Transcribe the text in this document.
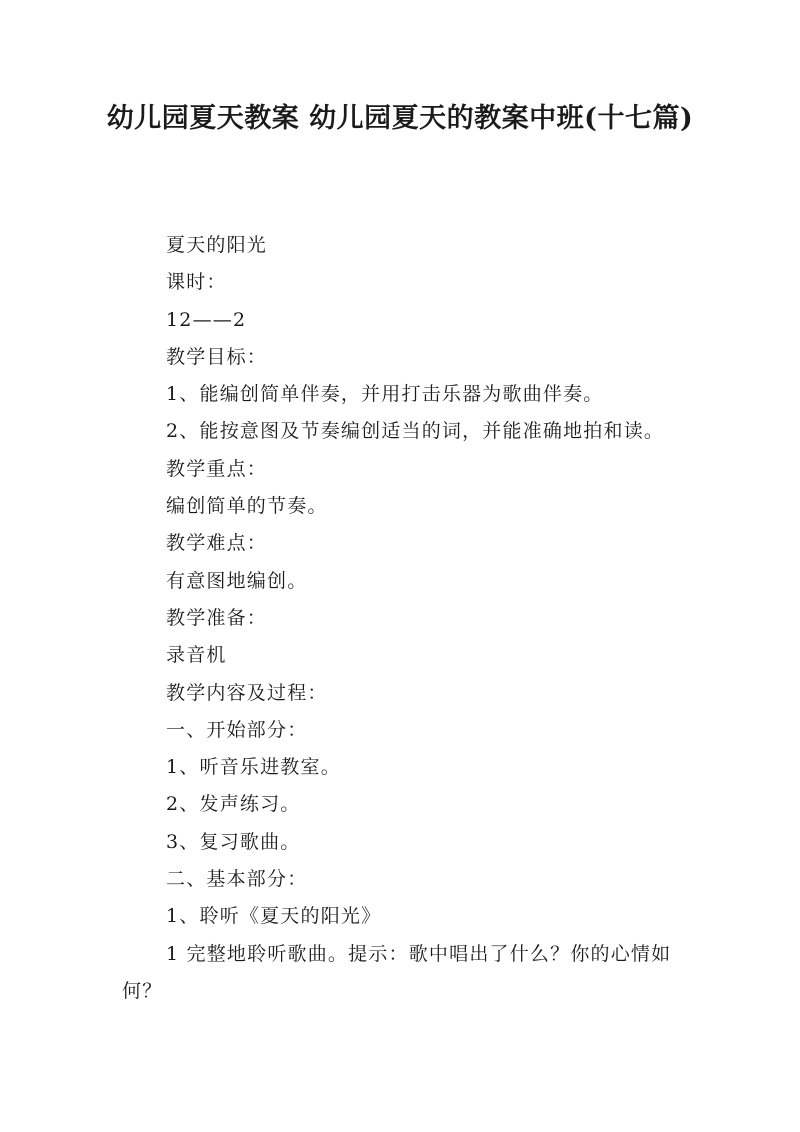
幼儿园夏天教案 幼儿园夏天的教案中班(十七篇)

夏天的阳光

课时：

12——2

教学目标：

1、能编创简单伴奏，并用打击乐器为歌曲伴奏。

2、能按意图及节奏编创适当的词，并能准确地拍和读。

教学重点：

编创简单的节奏。

教学难点：

有意图地编创。

教学准备：

录音机

教学内容及过程：

一、开始部分：

1、听音乐进教室。

2、发声练习。

3、复习歌曲。

二、基本部分：

1、聆听《夏天的阳光》

1 完整地聆听歌曲。提示：歌中唱出了什么？你的心情如何？
